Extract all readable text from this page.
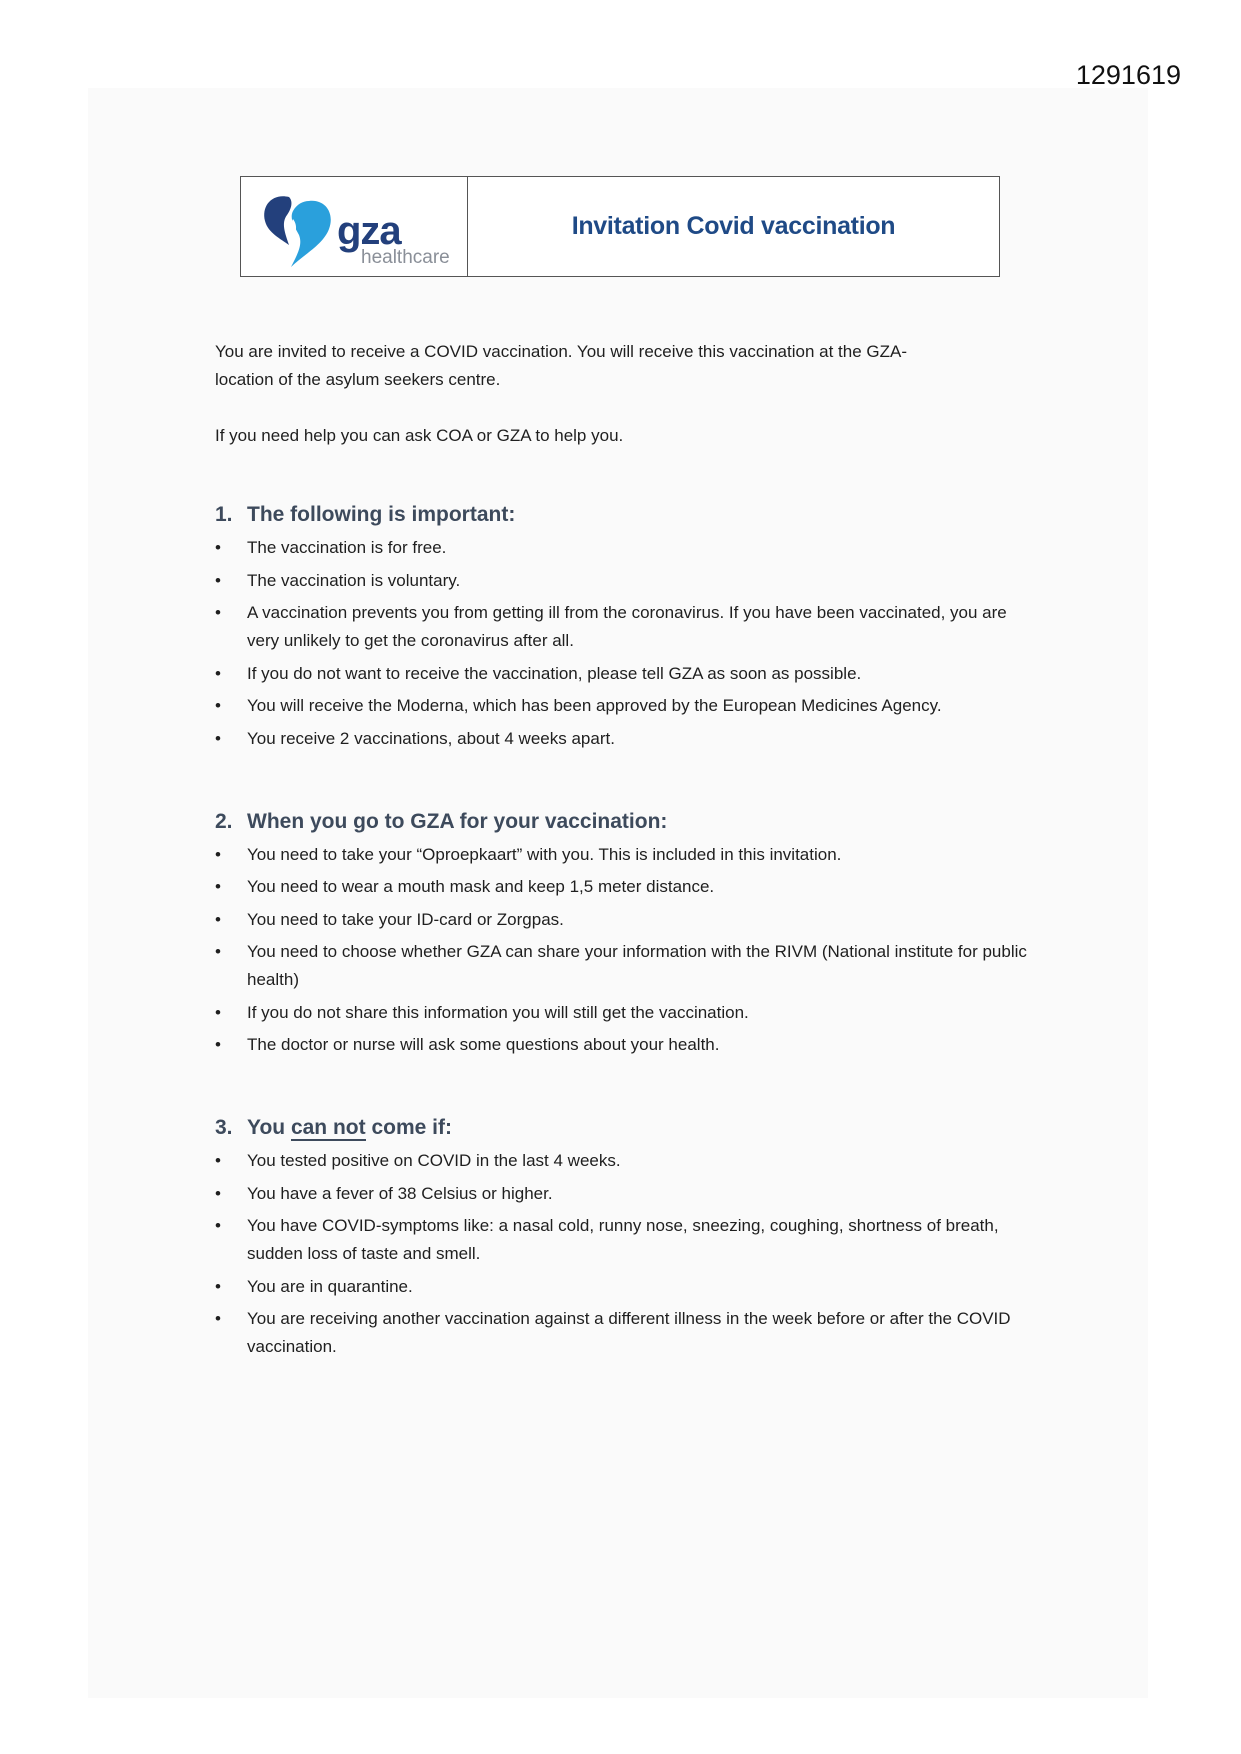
1291619
gza
healthcare
Invitation Covid vaccination

You are invited to receive a COVID vaccination. You will receive this vaccination at the GZA-

location of the asylum seekers centre.

If you need help you can ask COA or GZA to help you.

1. The following is important:
• The vaccination is for free.
• The vaccination is voluntary.
• A vaccination prevents you from getting ill from the coronavirus. If you have been vaccinated, you are very unlikely to get the coronavirus after all.
• If you do not want to receive the vaccination, please tell GZA as soon as possible.
• You will receive the Moderna, which has been approved by the European Medicines Agency.
• You receive 2 vaccinations, about 4 weeks apart.
2. When you go to GZA for your vaccination:
• You need to take your “Oproepkaart” with you. This is included in this invitation.
• You need to wear a mouth mask and keep 1,5 meter distance.
• You need to take your ID-card or Zorgpas.
• You need to choose whether GZA can share your information with the RIVM (National institute for public health)
• If you do not share this information you will still get the vaccination.
• The doctor or nurse will ask some questions about your health.
3. You can not come if:
• You tested positive on COVID in the last 4 weeks.
• You have a fever of 38 Celsius or higher.
• You have COVID-symptoms like: a nasal cold, runny nose, sneezing, coughing, shortness of breath, sudden loss of taste and smell.
• You are in quarantine.
• You are receiving another vaccination against a different illness in the week before or after the COVID vaccination.
